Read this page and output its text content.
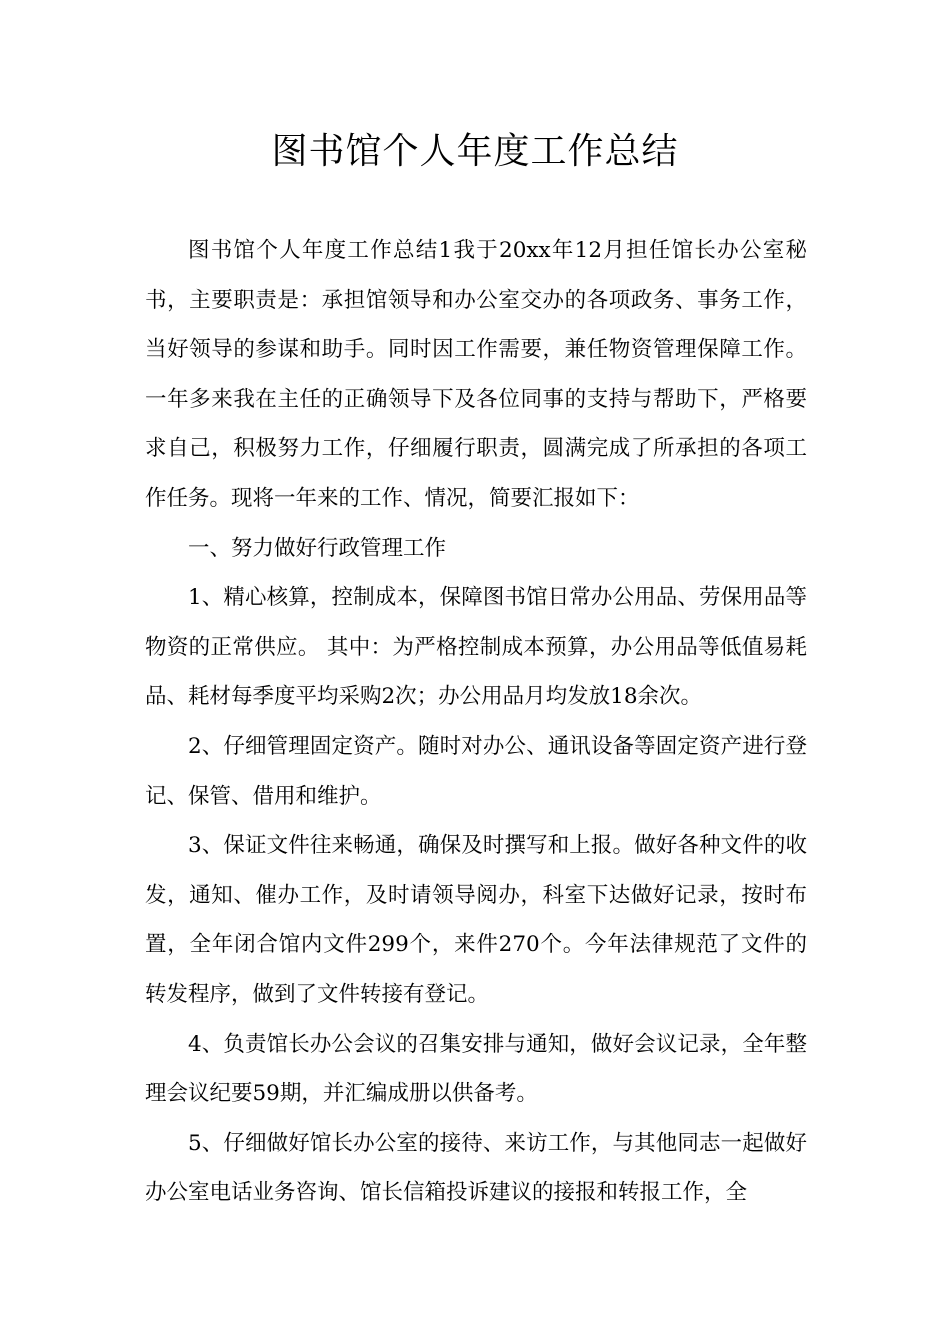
图书馆个人年度工作总结

图书馆个人年度工作总结1我于20xx年12月担任馆长办公室秘书，主要职责是：承担馆领导和办公室交办的各项政务、事务工作，当好领导的参谋和助手。同时因工作需要，兼任物资管理保障工作。一年多来我在主任的正确领导下及各位同事的支持与帮助下，严格要求自己，积极努力工作，仔细履行职责，圆满完成了所承担的各项工作任务。现将一年来的工作、情况，简要汇报如下：

一、努力做好行政管理工作

1、精心核算，控制成本，保障图书馆日常办公用品、劳保用品等物资的正常供应。 其中：为严格控制成本预算，办公用品等低值易耗品、耗材每季度平均采购2次；办公用品月均发放18余次。

2、仔细管理固定资产。随时对办公、通讯设备等固定资产进行登记、保管、借用和维护。

3、保证文件往来畅通，确保及时撰写和上报。做好各种文件的收发，通知、催办工作，及时请领导阅办，科室下达做好记录，按时布置，全年闭合馆内文件299个，来件270个。今年法律规范了文件的转发程序，做到了文件转接有登记。

4、负责馆长办公会议的召集安排与通知，做好会议记录，全年整理会议纪要59期，并汇编成册以供备考。

5、仔细做好馆长办公室的接待、来访工作，与其他同志一起做好办公室电话业务咨询、馆长信箱投诉建议的接报和转报工作，全
